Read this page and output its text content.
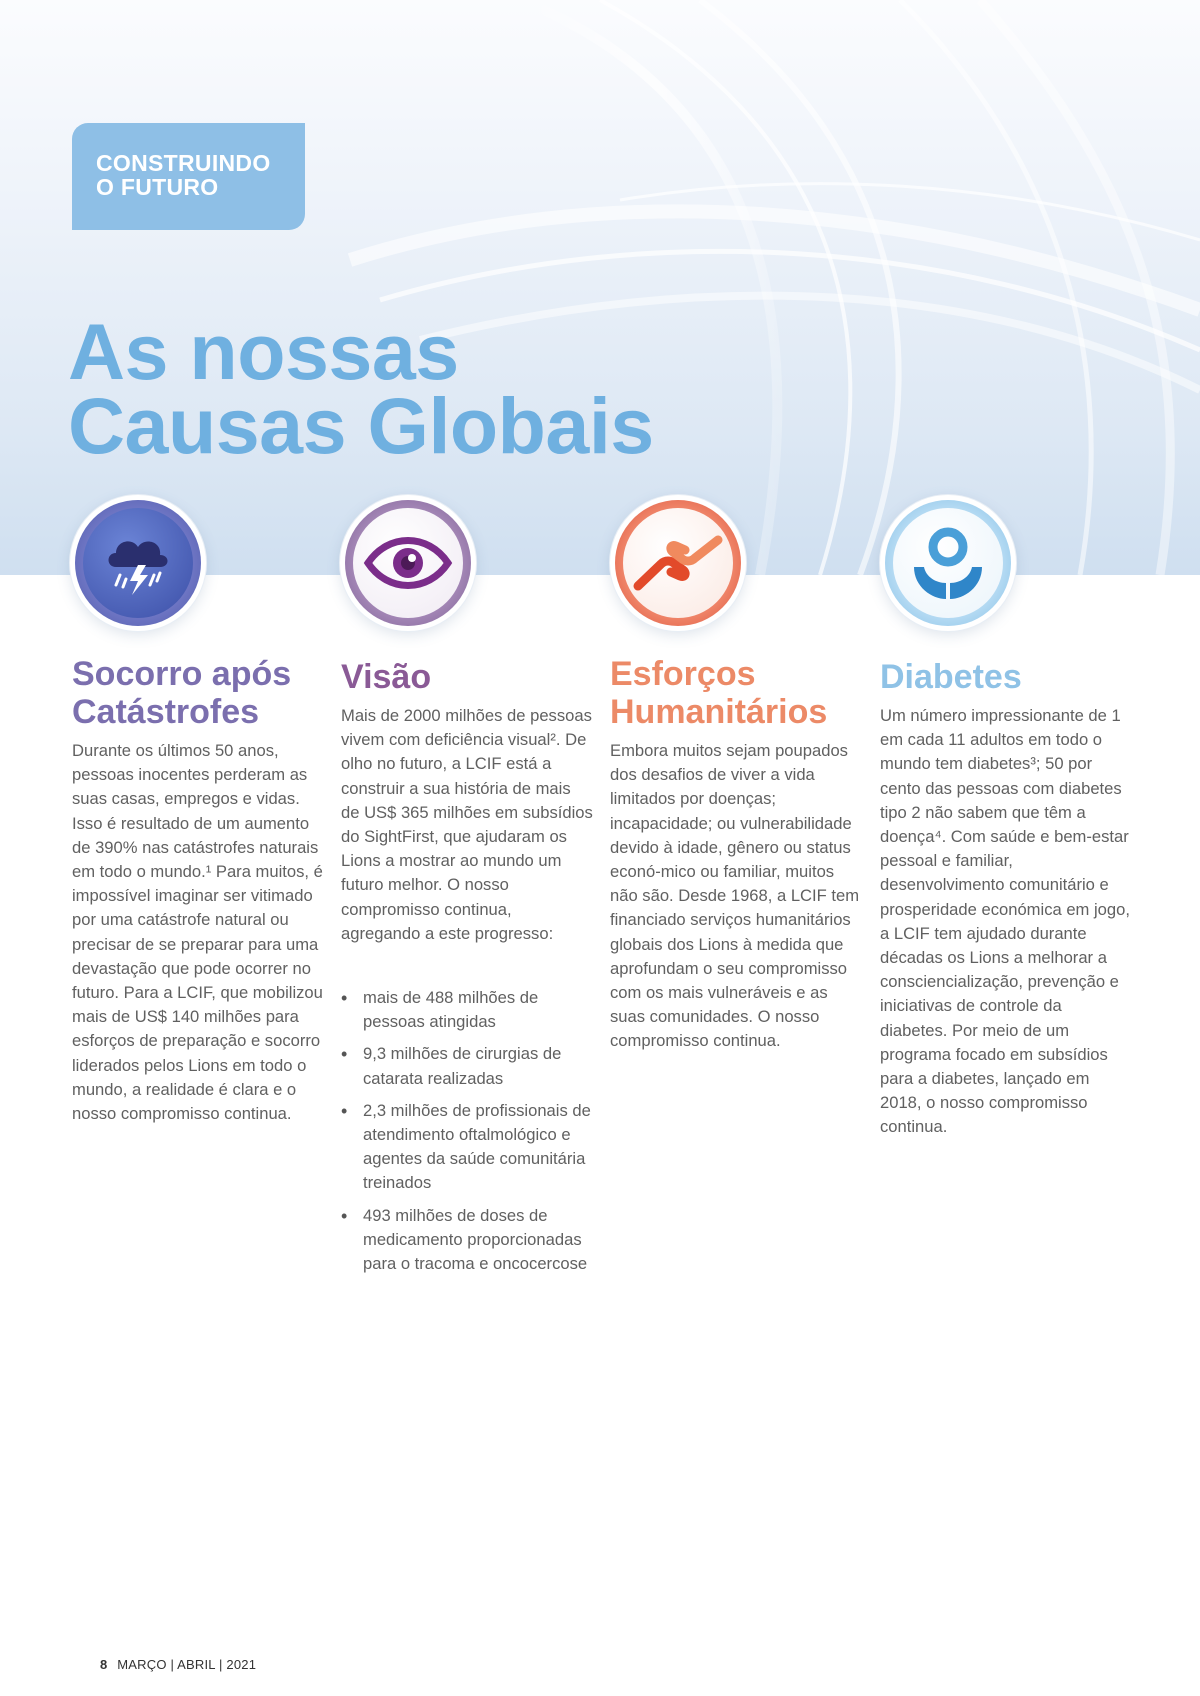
CONSTRUINDO
O FUTURO
As nossas
Causas Globais
Socorro após
Catástrofes

Durante os últimos 50 anos, pessoas inocentes perderam as suas casas, empregos e vidas. Isso é resultado de um aumento de 390% nas catástrofes naturais em todo o mundo.¹ Para muitos, é impossível imaginar ser vitimado por uma catástrofe natural ou precisar de se preparar para uma devastação que pode ocorrer no futuro. Para a LCIF, que mobilizou mais de US$ 140 milhões para esforços de preparação e socorro liderados pelos Lions em todo o mundo, a realidade é clara e o nosso compromisso continua.

Visão

Mais de 2000 milhões de pessoas vivem com deficiência visual². De olho no futuro, a LCIF está a construir a sua história de mais de US$ 365 milhões em subsídios do SightFirst, que ajudaram os Lions a mostrar ao mundo um futuro melhor. O nosso compromisso continua, agregando a este progresso:

• mais de 488 milhões de pessoas atingidas
• 9,3 milhões de cirurgias de catarata realizadas
• 2,3 milhões de profissionais de atendimento oftalmológico e agentes da saúde comunitária treinados
• 493 milhões de doses de medicamento proporcionadas para o tracoma e oncocercose
Esforços
Humanitários

Embora muitos sejam poupados dos desafios de viver a vida limitados por doenças; incapacidade; ou vulnerabilidade devido à idade, gênero ou status econó-mico ou familiar, muitos não são. Desde 1968, a LCIF tem financiado serviços humanitários globais dos Lions à medida que aprofundam o seu compromisso com os mais vulneráveis e as suas comunidades. O nosso compromisso continua.

Diabetes

Um número impressionante de 1 em cada 11 adultos em todo o mundo tem diabetes³; 50 por cento das pessoas com diabetes tipo 2 não sabem que têm a doença⁴. Com saúde e bem-estar pessoal e familiar, desenvolvimento comunitário e prosperidade económica em jogo, a LCIF tem ajudado durante décadas os Lions a melhorar a consciencialização, prevenção e iniciativas de controle da diabetes. Por meio de um programa focado em subsídios para a diabetes, lançado em 2018, o nosso compromisso continua.

8 MARÇO | ABRIL | 2021
